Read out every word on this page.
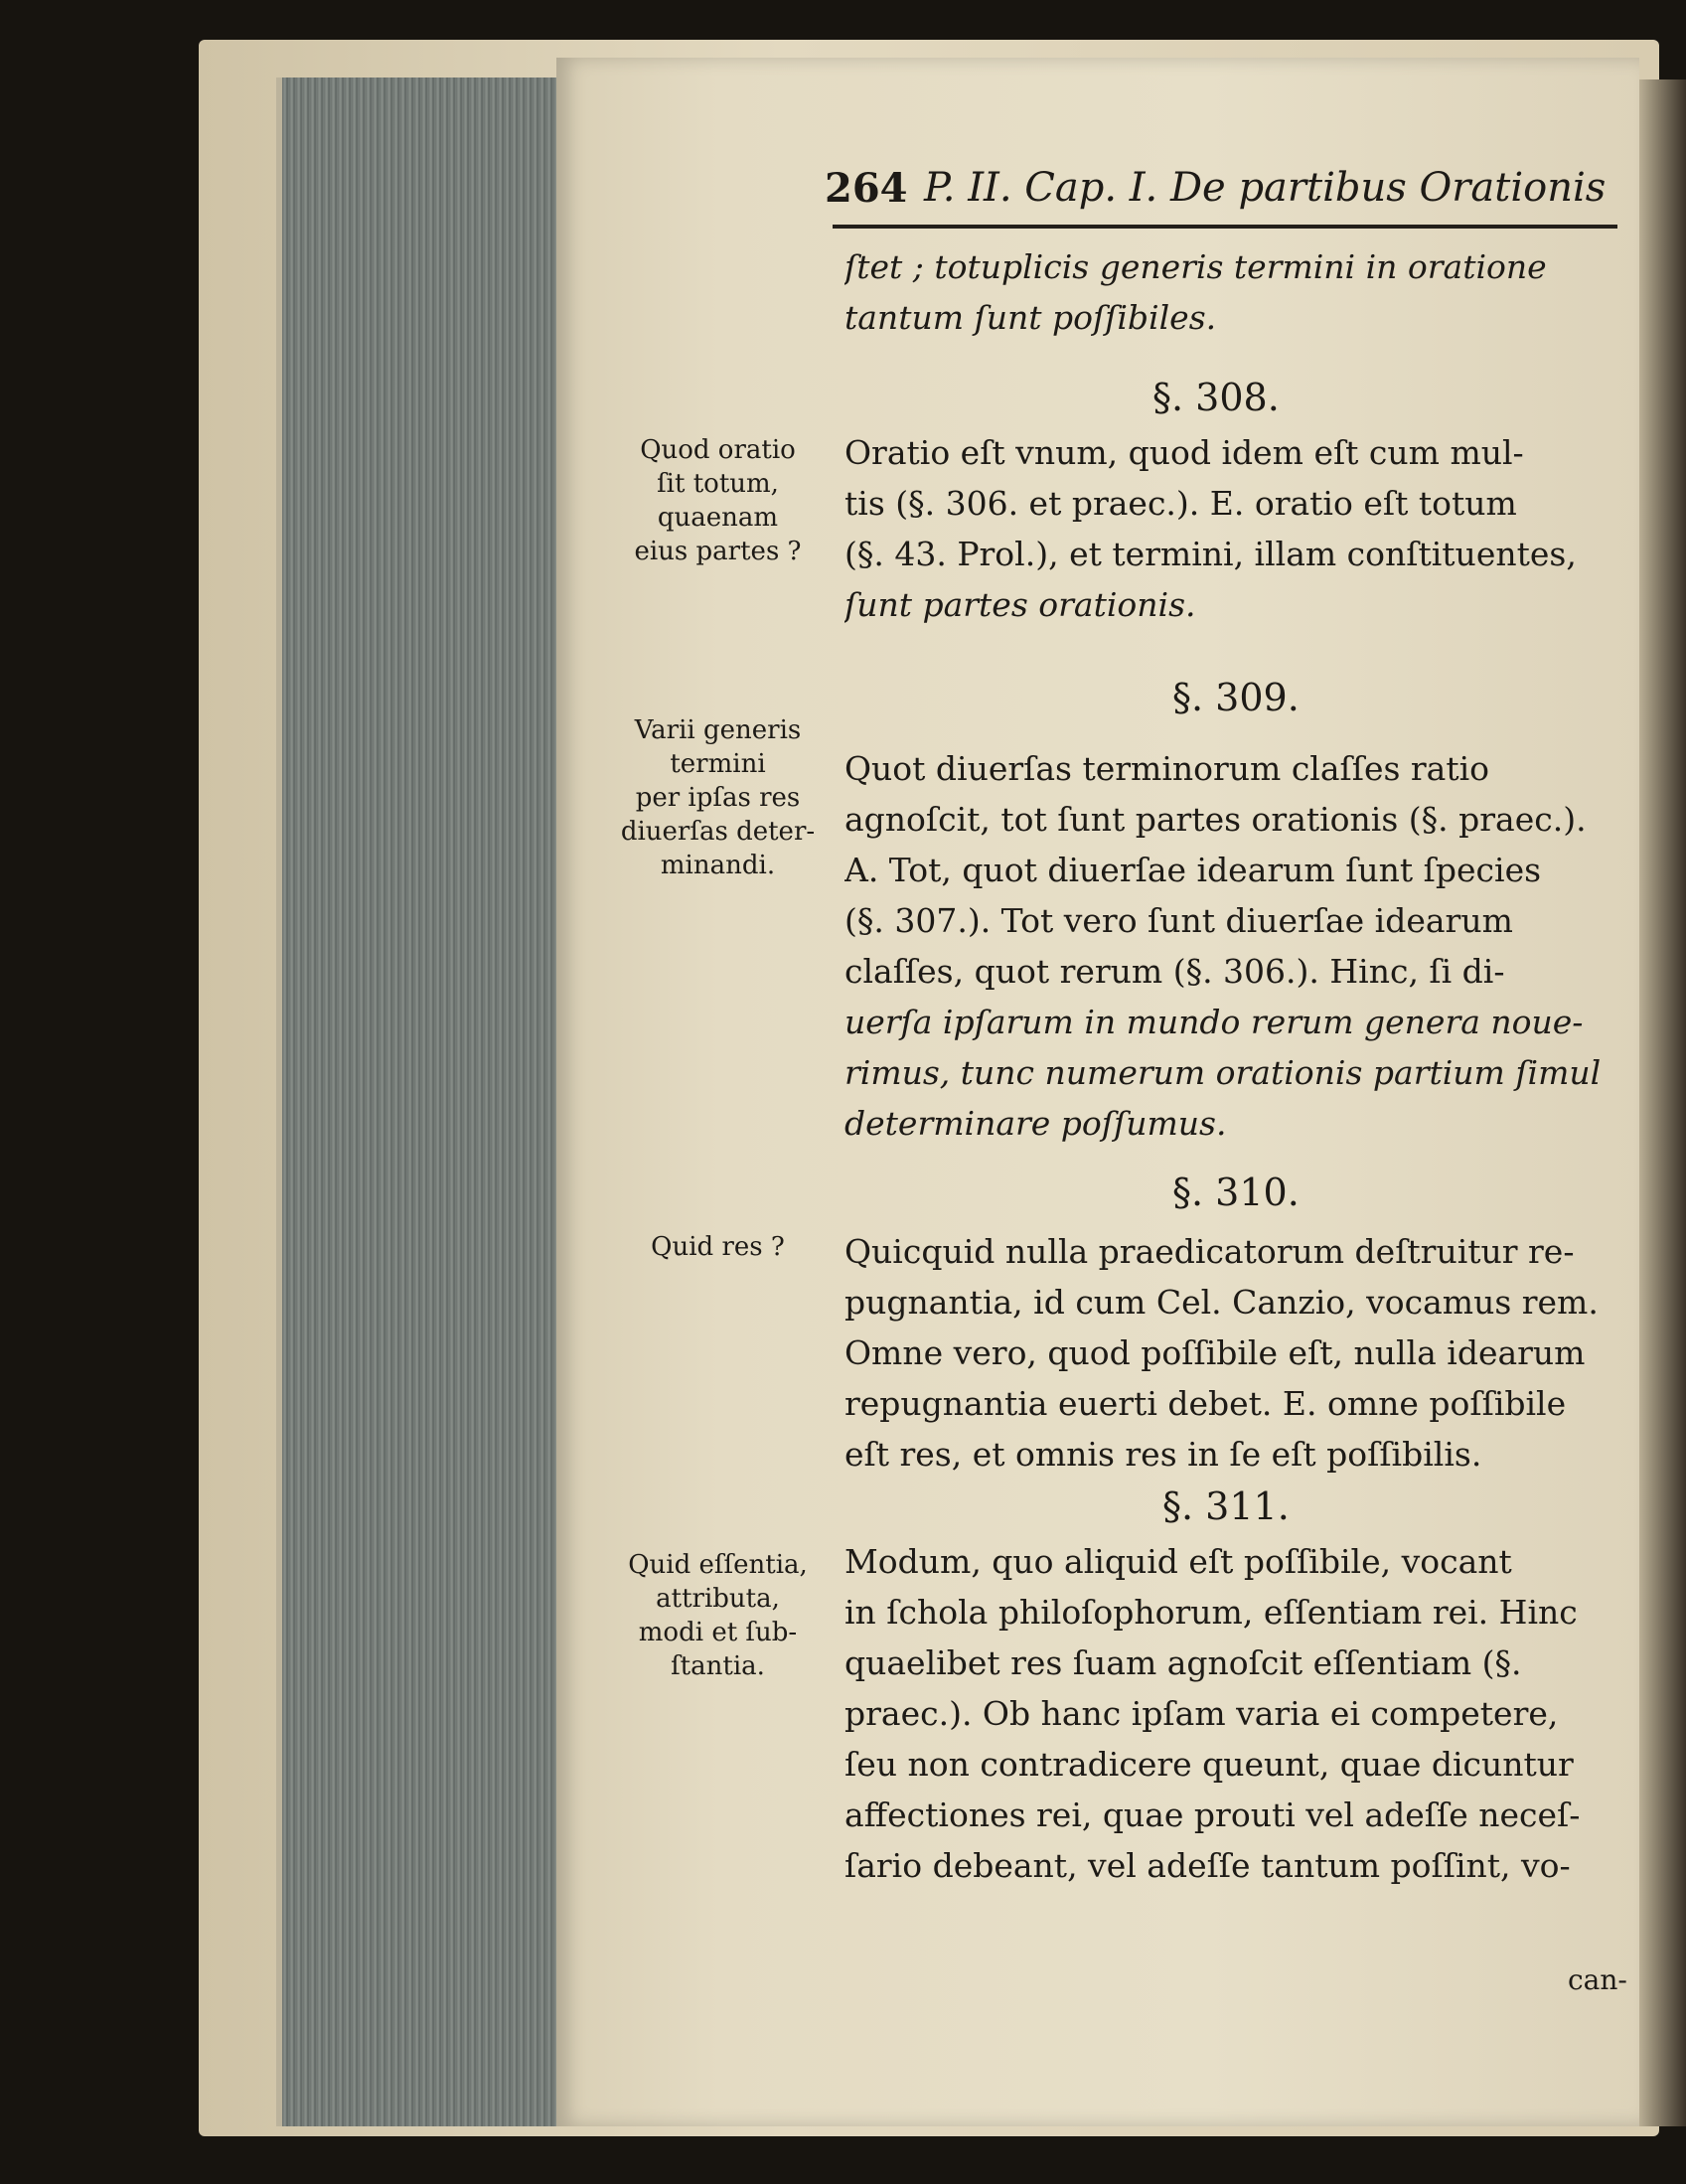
264 P. II. Cap. I. De partibus Orationis
ſtet ; totuplicis generis termini in oratione
tantum ſunt poſſibiles.
§. 308.
Quod oratio
ſit totum,
quaenam
eius partes ?
Oratio eſt vnum, quod idem eſt cum mul-
tis (§. 306. et praec.). E. oratio eſt totum
(§. 43. Prol.), et termini, illam conſtituentes,
ſunt partes orationis.
§. 309.
Varii generis
termini
per ipſas res
diuerſas deter-
minandi.
Quot diuerſas terminorum claſſes ratio
agnoſcit, tot ſunt partes orationis (§. praec.).
A. Tot, quot diuerſae idearum ſunt ſpecies
(§. 307.). Tot vero ſunt diuerſae idearum
claſſes, quot rerum (§. 306.). Hinc, ſi di-
uerſa ipſarum in mundo rerum genera noue-
rimus, tunc numerum orationis partium ſimul
determinare poſſumus.
§. 310.
Quid res ?	Quicquid nulla praedicatorum deſtruitur re-
pugnantia, id cum Cel. Canzio, vocamus rem.
Omne vero, quod poſſibile eſt, nulla idearum
repugnantia euerti debet. E. omne poſſibile
eſt res, et omnis res in ſe eſt poſſibilis.
§. 311.
Quid eſſentia,
attributa,
modi et ſub-
ſtantia.
Modum, quo aliquid eſt poſſibile, vocant
in ſchola philoſophorum, eſſentiam rei. Hinc
quaelibet res ſuam agnoſcit eſſentiam (§.
praec.). Ob hanc ipſam varia ei competere,
ſeu non contradicere queunt, quae dicuntur
affectiones rei, quae prouti vel adeſſe neceſ-
ſario debeant, vel adeſſe tantum poſſint, vo-
can-
